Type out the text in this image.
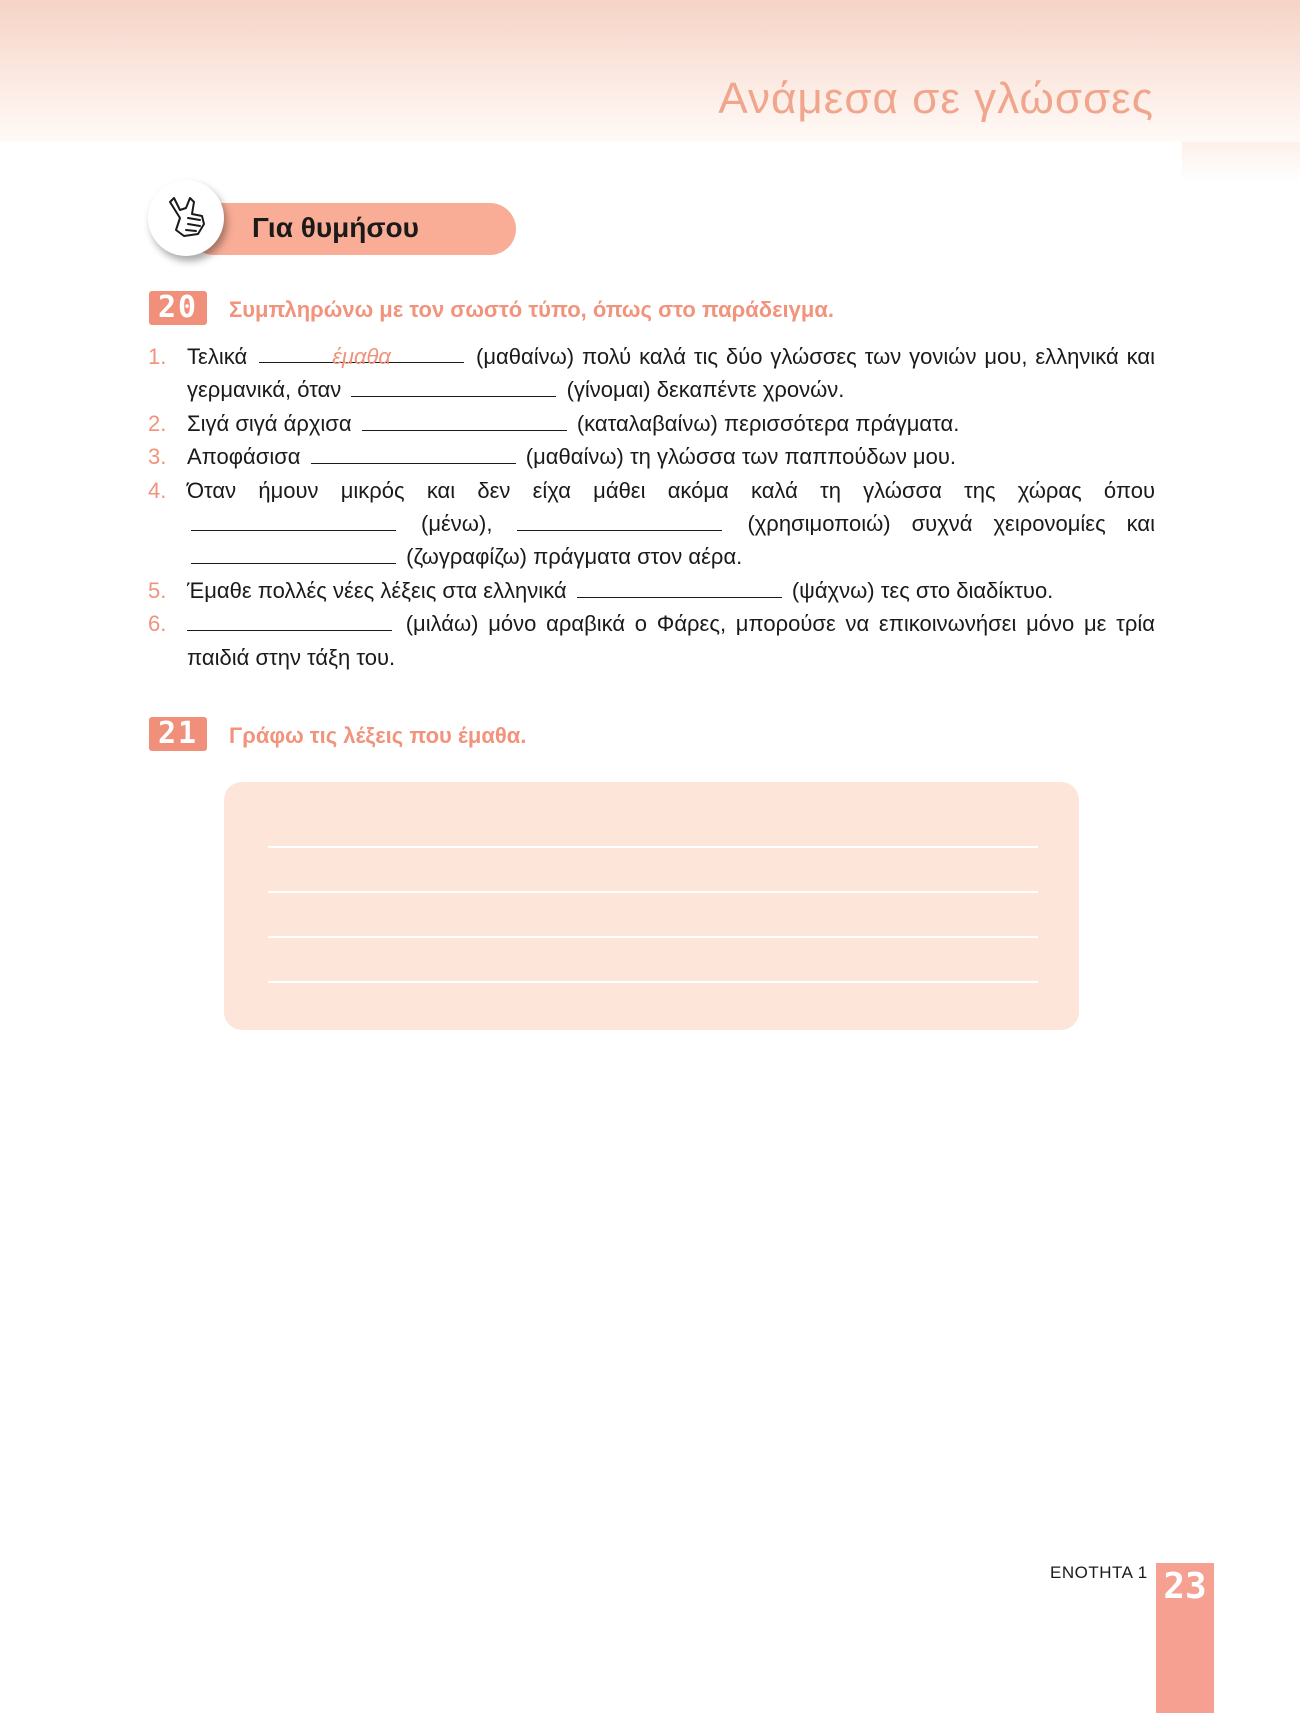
Ανάμεσα σε γλώσσες
Για θυμήσου
20	Συμπληρώνω με τον σωστό τύπο, όπως στο παράδειγμα.
1. Τελικά	έμαθα	(μαθαίνω) πολύ καλά τις δύο γλώσσες των γονιών μου, ελληνικά και γερμανικά, όταν	(γίνομαι) δεκαπέντε χρονών.
2. Σιγά σιγά άρχισα	(καταλαβαίνω) περισσότερα πράγματα.
3. Αποφάσισα	(μαθαίνω) τη γλώσσα των παππούδων μου.
4. Όταν ήμουν μικρός και δεν είχα μάθει ακόμα καλά τη γλώσσα της χώρας όπου  (μένω),	(χρησιμοποιώ) συχνά χειρονομίες και  (ζωγραφίζω) πράγματα στον αέρα.
5. Έμαθε πολλές νέες λέξεις στα ελληνικά	(ψάχνω) τες στο διαδίκτυο.
6.	(μιλάω) μόνο αραβικά ο Φάρες, μπορούσε να επικοινωνήσει μόνο με τρία παιδιά στην τάξη του.
21	Γράφω τις λέξεις που έμαθα.
ΕΝΟΤΗΤΑ 1 23
